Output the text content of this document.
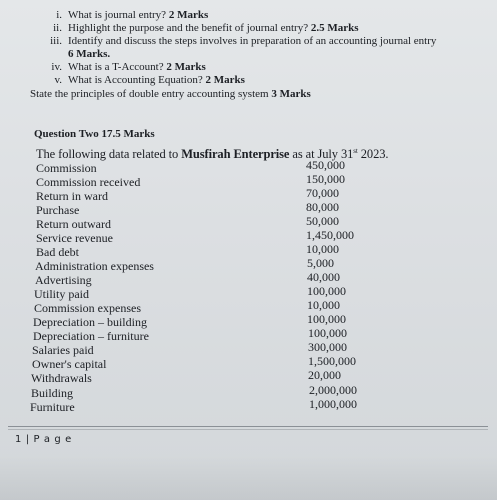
i. What is journal entry? 2 Marks
ii. Highlight the purpose and the benefit of journal entry? 2.5 Marks
iii. Identify and discuss the steps involves in preparation of an accounting journal entry
6 Marks.
iv. What is a T-Account? 2 Marks
v. What is Accounting Equation? 2 Marks
State the principles of double entry accounting system 3 Marks
Question Two 17.5 Marks
The following data related to Musfirah Enterprise as at July 31st 2023.
Commission	450,000
Commission received	150,000
Return in ward	70,000
Purchase	80,000
Return outward	50,000
Service revenue	1,450,000
Bad debt	10,000
Administration expenses	5,000
Advertising	40,000
Utility paid	100,000
Commission expenses	10,000
Depreciation – building	100,000
Depreciation – furniture	100,000
Salaries paid	300,000
Owner's capital	1,500,000
Withdrawals	20,000
Building	2,000,000
Furniture	1,000,000
1 | P a g e
